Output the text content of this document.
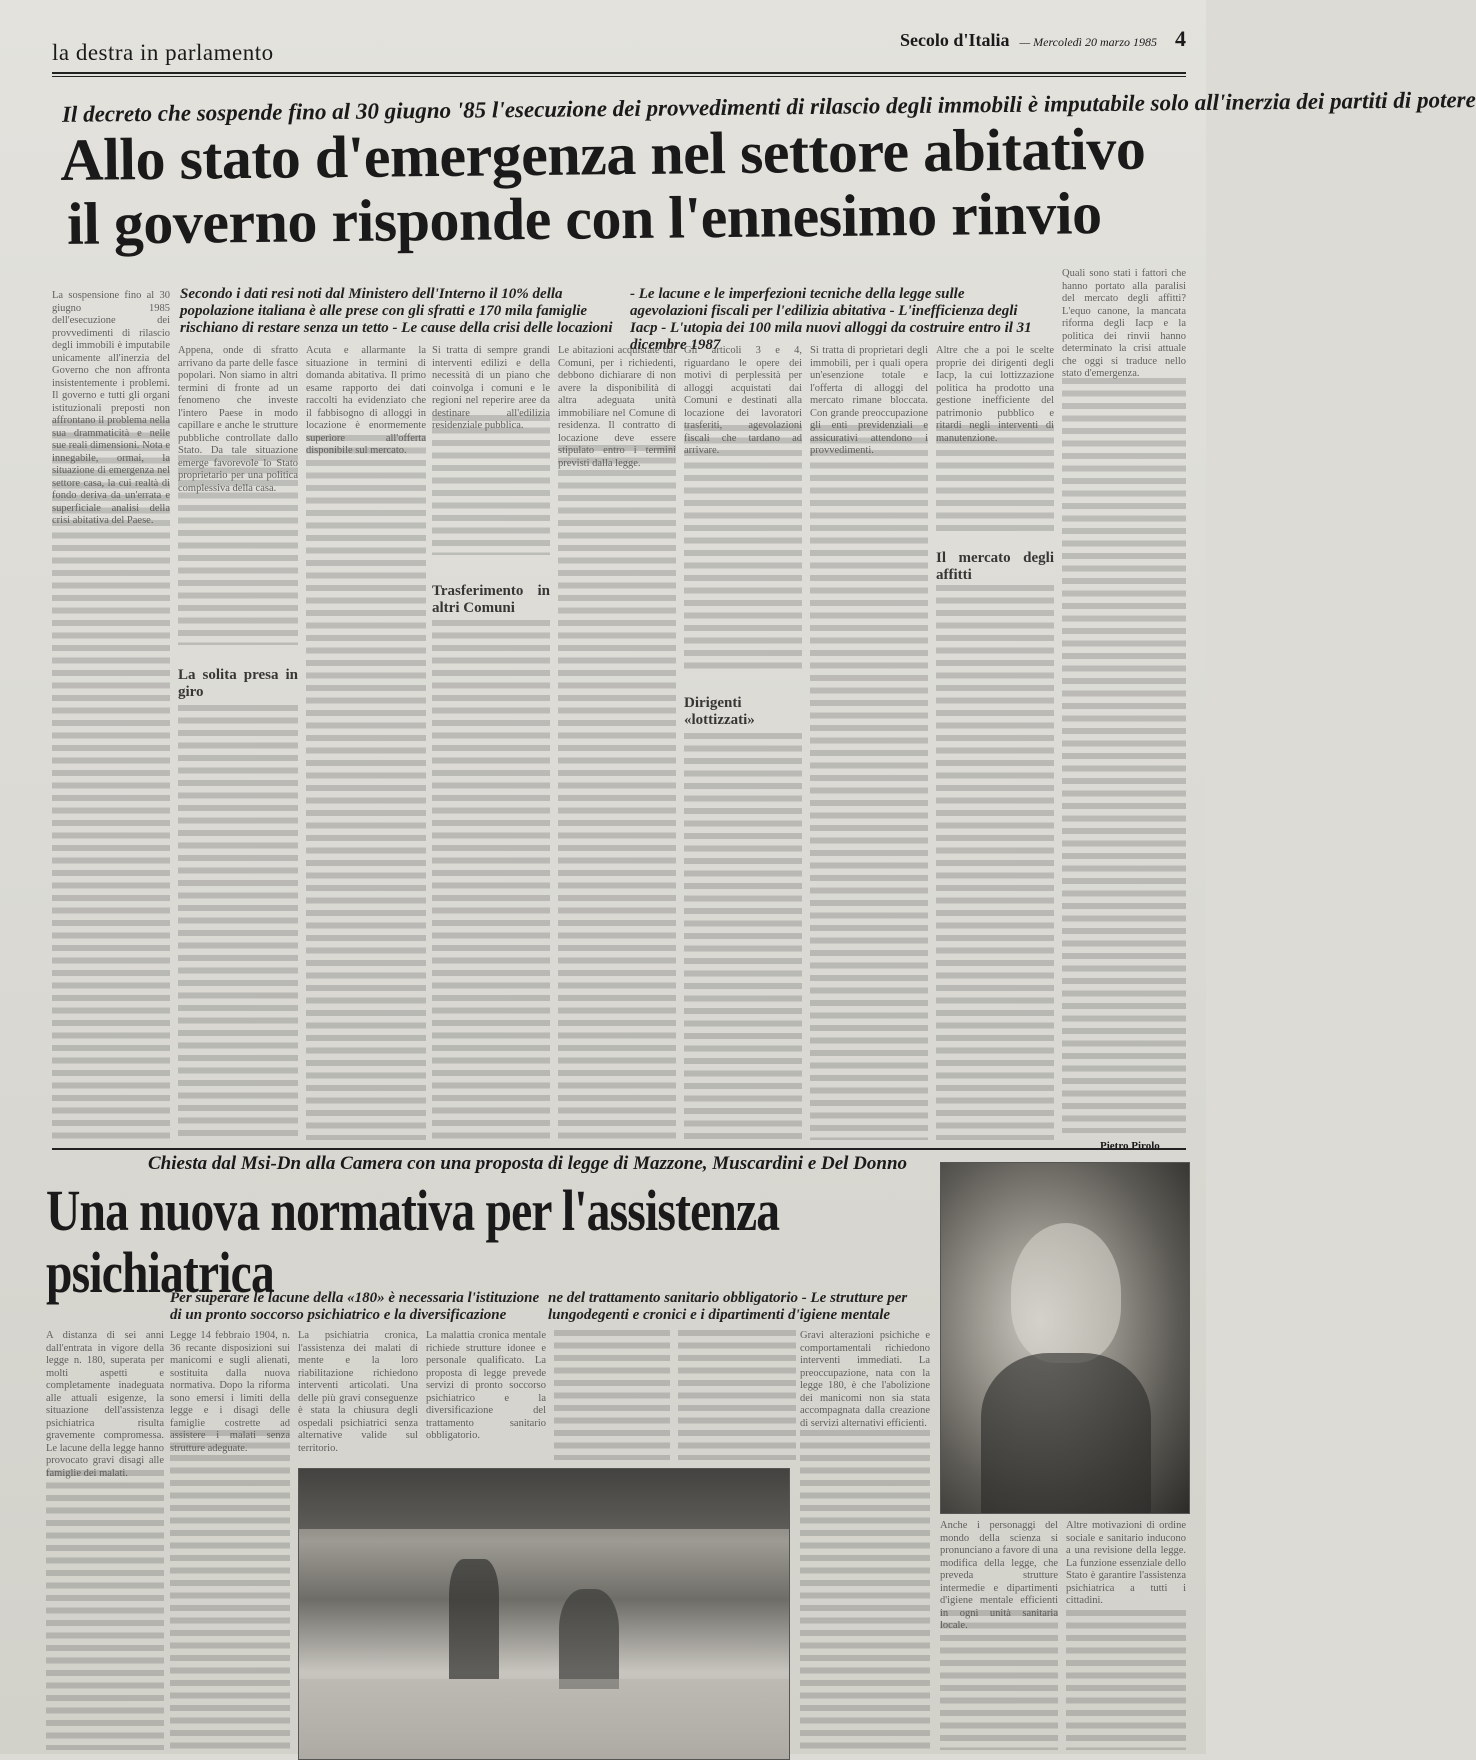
la destra in parlamento	Secolo d'Italia — Mercoledì 20 marzo 1985 4
Il decreto che sospende fino al 30 giugno '85 l'esecuzione dei provvedimenti di rilascio degli immobili è imputabile solo all'inerzia dei partiti di potere
Allo stato d'emergenza nel settore abitativo
il governo risponde con l'ennesimo rinvio
Secondo i dati resi noti dal Ministero dell'Interno il 10% della popolazione italiana è alle prese con gli sfratti e 170 mila famiglie rischiano di restare senza un tetto - Le cause della crisi delle locazioni
- Le lacune e le imperfezioni tecniche della legge sulle agevolazioni fiscali per l'edilizia abitativa - L'inefficienza degli Iacp - L'utopia dei 100 mila nuovi alloggi da costruire entro il 31 dicembre 1987
La sospensione fino al 30 giugno 1985 dell'esecuzione dei provvedimenti di rilascio degli immobili è imputabile unicamente all'inerzia del Governo che non affronta insistentemente i problemi. Il governo e tutti gli organi istituzionali preposti non affrontano il problema nella sua drammaticità e nelle sue reali dimensioni. Nota e innegabile, ormai, la situazione di emergenza nel settore casa, la cui realtà di fondo deriva da un'errata e superficiale analisi della crisi abitativa del Paese.
Appena, onde di sfratto arrivano da parte delle fasce popolari. Non siamo in altri termini di fronte ad un fenomeno che investe l'intero Paese in modo capillare e anche le strutture pubbliche controllate dallo Stato. Da tale situazione emerge favorevole lo Stato proprietario per una politica complessiva della casa.
La solita presa in giro
Acuta e allarmante la situazione in termini di domanda abitativa. Il primo esame rapporto dei dati raccolti ha evidenziato che il fabbisogno di alloggi in locazione è enormemente superiore all'offerta disponibile sul mercato.
Si tratta di sempre grandi interventi edilizi e della necessità di un piano che coinvolga i comuni e le regioni nel reperire aree da destinare all'edilizia residenziale pubblica.
Trasferimento in altri Comuni
Le abitazioni acquistate dai Comuni, per i richiedenti, debbono dichiarare di non avere la disponibilità di altra adeguata unità immobiliare nel Comune di residenza. Il contratto di locazione deve essere stipulato entro i termini previsti dalla legge.
Gli articoli 3 e 4, riguardano le opere dei motivi di perplessità per alloggi acquistati dai Comuni e destinati alla locazione dei lavoratori trasferiti, agevolazioni fiscali che tardano ad arrivare.
Dirigenti «lottizzati»
Si tratta di proprietari degli immobili, per i quali opera un'esenzione totale e l'offerta di alloggi del mercato rimane bloccata. Con grande preoccupazione gli enti previdenziali e assicurativi attendono i provvedimenti.
Altre che a poi le scelte proprie dei dirigenti degli Iacp, la cui lottizzazione politica ha prodotto una gestione inefficiente del patrimonio pubblico e ritardi negli interventi di manutenzione.
Il mercato degli affitti
Quali sono stati i fattori che hanno portato alla paralisi del mercato degli affitti? L'equo canone, la mancata riforma degli Iacp e la politica dei rinvii hanno determinato la crisi attuale che oggi si traduce nello stato d'emergenza.
Pietro Pirolo
Chiesta dal Msi-Dn alla Camera con una proposta di legge di Mazzone, Muscardini e Del Donno
Una nuova normativa per l'assistenza psichiatrica
Per superare le lacune della «180» è necessaria l'istituzione di un pronto soccorso psichiatrico e la diversificazione
ne del trattamento sanitario obbligatorio - Le strutture per lungodegenti e cronici e i dipartimenti d'igiene mentale
A distanza di sei anni dall'entrata in vigore della legge n. 180, superata per molti aspetti e completamente inadeguata alle attuali esigenze, la situazione dell'assistenza psichiatrica risulta gravemente compromessa. Le lacune della legge hanno provocato gravi disagi alle famiglie dei malati.
Legge 14 febbraio 1904, n. 36 recante disposizioni sui manicomi e sugli alienati, sostituita dalla nuova normativa. Dopo la riforma sono emersi i limiti della legge e i disagi delle famiglie costrette ad assistere i malati senza strutture adeguate.
La psichiatria cronica, l'assistenza dei malati di mente e la loro riabilitazione richiedono interventi articolati. Una delle più gravi conseguenze è stata la chiusura degli ospedali psichiatrici senza alternative valide sul territorio.
La malattia cronica mentale richiede strutture idonee e personale qualificato. La proposta di legge prevede servizi di pronto soccorso psichiatrico e la diversificazione del trattamento sanitario obbligatorio.
Gravi alterazioni psichiche e comportamentali richiedono interventi immediati. La preoccupazione, nata con la legge 180, è che l'abolizione dei manicomi non sia stata accompagnata dalla creazione di servizi alternativi efficienti.
Anche i personaggi del mondo della scienza si pronunciano a favore di una modifica della legge, che preveda strutture intermedie e dipartimenti d'igiene mentale efficienti in ogni unità sanitaria locale.
Altre motivazioni di ordine sociale e sanitario inducono a una revisione della legge. La funzione essenziale dello Stato è garantire l'assistenza psichiatrica a tutti i cittadini.
